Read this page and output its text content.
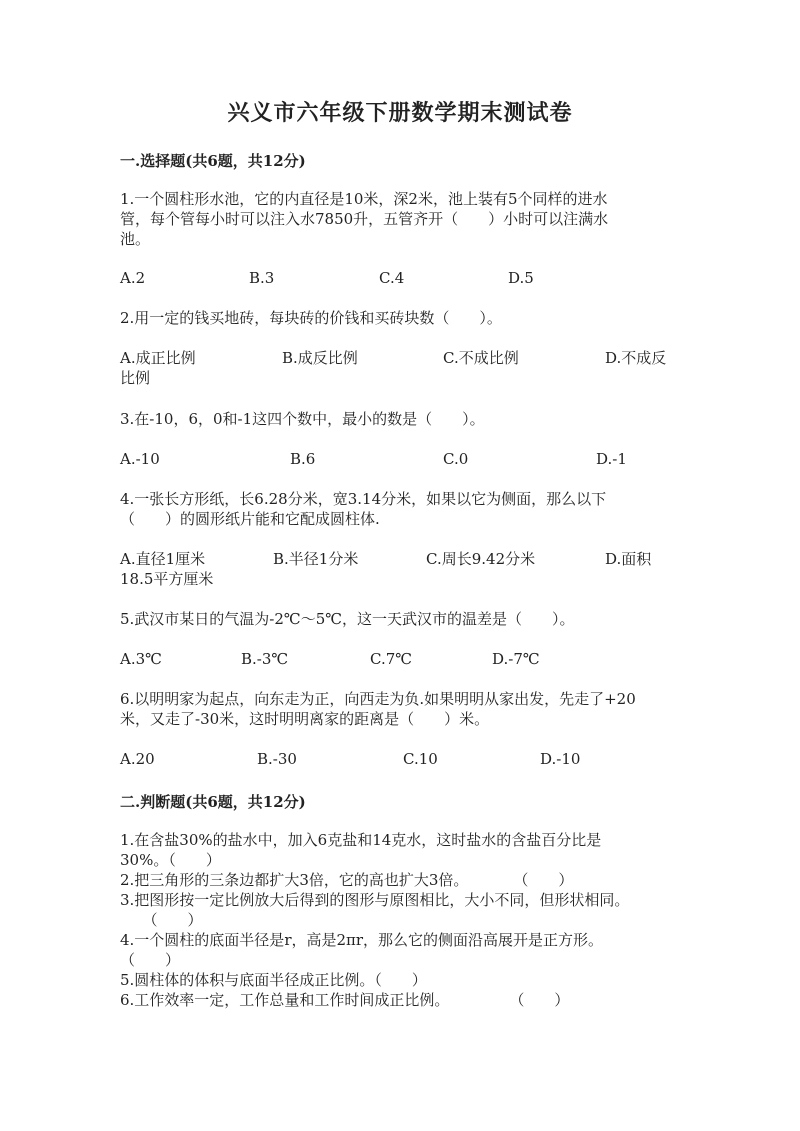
兴义市六年级下册数学期末测试卷
一.选择题(共6题，共12分)
1.一个圆柱形水池，它的内直径是10米，深2米，池上装有5个同样的进水
管，每个管每小时可以注入水7850升，五管齐开（　　）小时可以注满水
池。
A.2	B.3	C.4	D.5
2.用一定的钱买地砖，每块砖的价钱和买砖块数（　　）。
A.成正比例	B.成反比例	C.不成比例	D.不成反
比例
3.在-10，6，0和-1这四个数中，最小的数是（　　）。
A.-10	B.6	C.0	D.-1
4.一张长方形纸，长6.28分米，宽3.14分米，如果以它为侧面，那么以下
（　　）的圆形纸片能和它配成圆柱体.
A.直径1厘米	B.半径1分米	C.周长9.42分米	D.面积
18.5平方厘米
5.武汉市某日的气温为-2℃～5℃，这一天武汉市的温差是（　　）。
A.3℃	B.-3℃	C.7℃	D.-7℃
6.以明明家为起点，向东走为正，向西走为负.如果明明从家出发，先走了+20
米，又走了-30米，这时明明离家的距离是（　　）米。
A.20	B.-30	C.10	D.-10
二.判断题(共6题，共12分)
1.在含盐30%的盐水中，加入6克盐和14克水，这时盐水的含盐百分比是
30%。（　　）
2.把三角形的三条边都扩大3倍，它的高也扩大3倍。　　　　（　　）
3.把图形按一定比例放大后得到的图形与原图相比，大小不同，但形状相同。
　　（　　）
4.一个圆柱的底面半径是r，高是2πr，那么它的侧面沿高展开是正方形。
（　　）
5.圆柱体的体积与底面半径成正比例。（　　）
6.工作效率一定，工作总量和工作时间成正比例。　　　　　（　　）
